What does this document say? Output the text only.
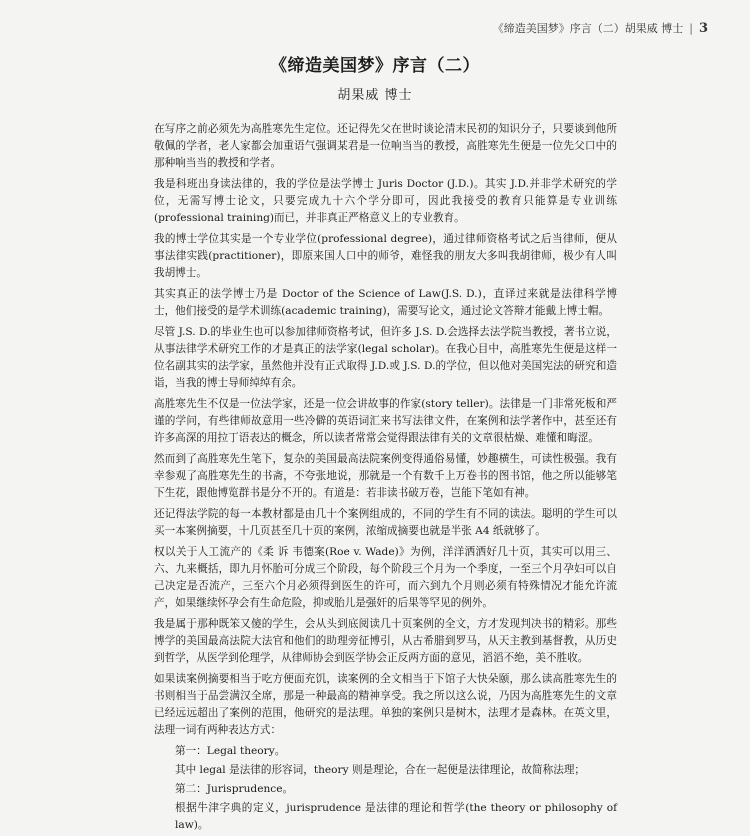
《缔造美国梦》序言（二）胡果威 博士 | 3
《缔造美国梦》序言（二）
胡果威 博士

在写序之前必须先为高胜寒先生定位。还记得先父在世时谈论清末民初的知识分子，只要谈到他所敬佩的学者，老人家都会加重语气强调某君是一位响当当的教授，高胜寒先生便是一位先父口中的那种响当当的教授和学者。

我是科班出身读法律的，我的学位是法学博士 Juris Doctor (J.D.)。其实 J.D.并非学术研究的学位，无需写博士论文，只要完成九十六个学分即可，因此我接受的教育只能算是专业训练(professional training)而已，并非真正严格意义上的专业教育。

我的博士学位其实是一个专业学位(professional degree)，通过律师资格考试之后当律师，便从事法律实践(practitioner)，即原来国人口中的师爷，难怪我的朋友大多叫我胡律师，极少有人叫我胡博士。

其实真正的法学博士乃是 Doctor of the Science of Law(J.S. D.)，直译过来就是法律科学博士，他们接受的是学术训练(academic training)，需要写论文，通过论文答辩才能戴上博士帽。

尽管 J.S. D.的毕业生也可以参加律师资格考试，但许多 J.S. D.会选择去法学院当教授，著书立说，从事法律学术研究工作的才是真正的法学家(legal scholar)。在我心目中，高胜寒先生便是这样一位名副其实的法学家，虽然他并没有正式取得 J.D.或 J.S. D.的学位，但以他对美国宪法的研究和造诣，当我的博士导师绰绰有余。

高胜寒先生不仅是一位法学家，还是一位会讲故事的作家(story teller)。法律是一门非常死板和严谨的学问，有些律师故意用一些冷僻的英语词汇来书写法律文件，在案例和法学著作中，甚至还有许多高深的用拉丁语表达的概念，所以读者常常会觉得跟法律有关的文章很枯燥、难懂和晦涩。

然而到了高胜寒先生笔下，复杂的美国最高法院案例变得通俗易懂，妙趣横生，可读性极强。我有幸参观了高胜寒先生的书斋，不夸张地说，那就是一个有数千上万卷书的图书馆，他之所以能够笔下生花，跟他博览群书是分不开的。有道是：若非读书破万卷，岂能下笔如有神。

还记得法学院的每一本教材都是由几十个案例组成的，不同的学生有不同的读法。聪明的学生可以买一本案例摘要，十几页甚至几十页的案例，浓缩成摘要也就是半张 A4 纸就够了。

权以关于人工流产的《柔 诉 韦德案(Roe v. Wade)》为例，洋洋洒洒好几十页，其实可以用三、六、九来概括，即九月怀胎可分成三个阶段，每个阶段三个月为一个季度，一至三个月孕妇可以自己决定是否流产，三至六个月必须得到医生的许可，而六到九个月则必须有特殊情况才能允许流产，如果继续怀孕会有生命危险，抑或胎儿是强奸的后果等罕见的例外。

我是属于那种既笨又傻的学生，会从头到底阅读几十页案例的全文，方才发现判决书的精彩。那些博学的美国最高法院大法官和他们的助理旁征博引，从古希腊到罗马，从天主教到基督教，从历史到哲学，从医学到伦理学，从律师协会到医学协会正反两方面的意见，滔滔不绝，美不胜收。

如果读案例摘要相当于吃方便面充饥，读案例的全文相当于下馆子大快朵颐，那么读高胜寒先生的书则相当于品尝满汉全席，那是一种最高的精神享受。我之所以这么说，乃因为高胜寒先生的文章已经远远超出了案例的范围，他研究的是法理。单独的案例只是树木，法理才是森林。在英文里，法理一词有两种表达方式：

第一：Legal theory。

其中 legal 是法律的形容词，theory 则是理论，合在一起便是法律理论，故简称法理；

第二：Jurisprudence。

根据牛津字典的定义，jurisprudence 是法律的理论和哲学(the theory or philosophy of law)。
